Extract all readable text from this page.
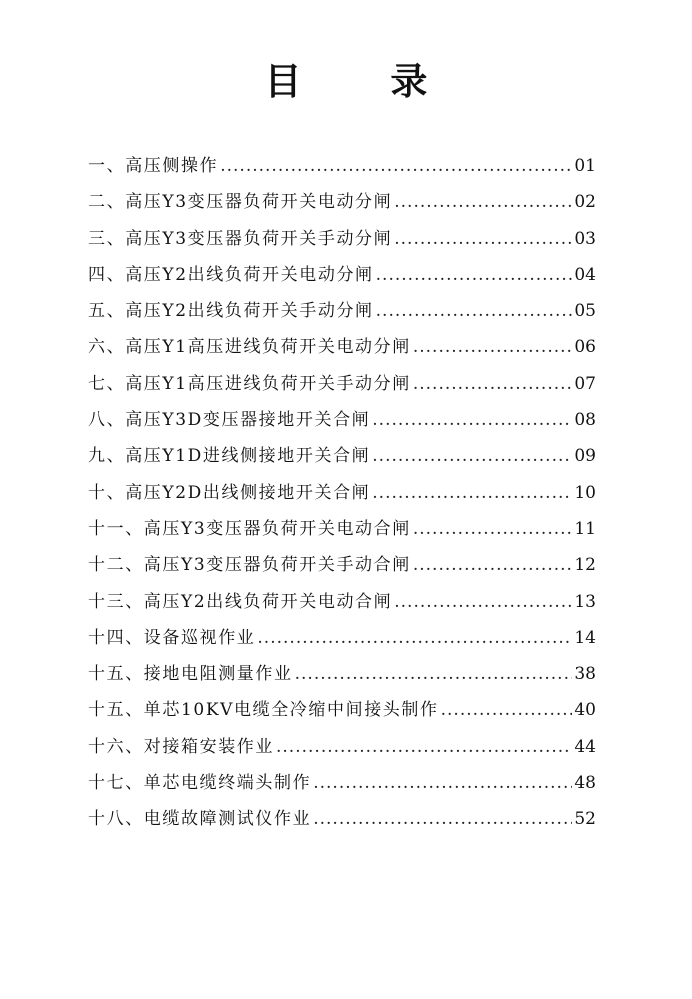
目 录
一、高压侧操作 .....	01
二、高压Y3变压器负荷开关电动分闸 .....	02
三、高压Y3变压器负荷开关手动分闸 .....	03
四、高压Y2出线负荷开关电动分闸 .....	04
五、高压Y2出线负荷开关手动分闸 .....	05
六、高压Y1高压进线负荷开关电动分闸 .....	06
七、高压Y1高压进线负荷开关手动分闸 .....	07
八、高压Y3D变压器接地开关合闸 .....	08
九、高压Y1D进线侧接地开关合闸 .....	09
十、高压Y2D出线侧接地开关合闸 .....	10
十一、高压Y3变压器负荷开关电动合闸 .....	11
十二、高压Y3变压器负荷开关手动合闸 .....	12
十三、高压Y2出线负荷开关电动合闸 .....	13
十四、设备巡视作业 .....	14
十五、接地电阻测量作业 .....	38
十五、单芯10KV电缆全冷缩中间接头制作 .....	40
十六、对接箱安装作业 .....	44
十七、单芯电缆终端头制作 .....	48
十八、电缆故障测试仪作业 .....	52
